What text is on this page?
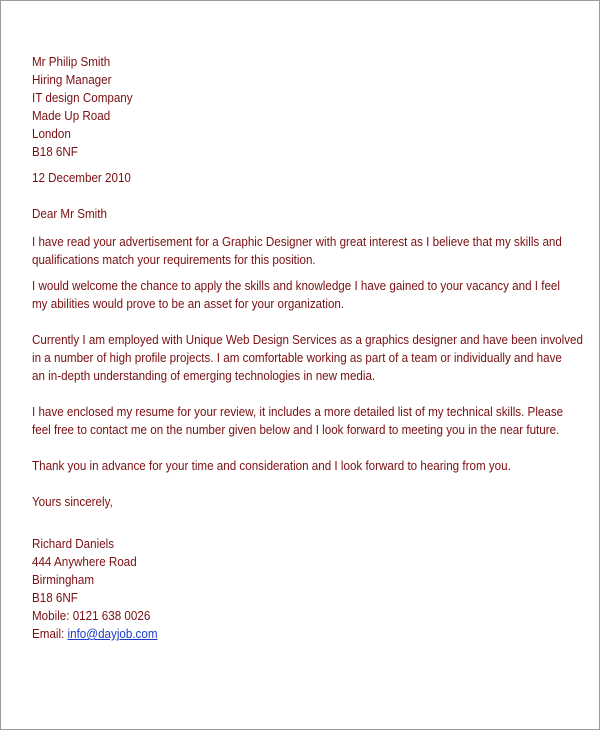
Mr Philip Smith
Hiring Manager
IT design Company
Made Up Road
London
B18 6NF
12 December 2010
Dear Mr Smith
I have read your advertisement for a Graphic Designer with great interest as I believe that my skills and
qualifications match your requirements for this position.
I would welcome the chance to apply the skills and knowledge I have gained to your vacancy and I feel
my abilities would prove to be an asset for your organization.
Currently I am employed with Unique Web Design Services as a graphics designer and have been involved
in a number of high profile projects. I am comfortable working as part of a team or individually and have
an in-depth understanding of emerging technologies in new media.
I have enclosed my resume for your review, it includes a more detailed list of my technical skills. Please
feel free to contact me on the number given below and I look forward to meeting you in the near future.
Thank you in advance for your time and consideration and I look forward to hearing from you.
Yours sincerely,
Richard Daniels
444 Anywhere Road
Birmingham
B18 6NF
Mobile: 0121 638 0026
Email: info@dayjob.com
